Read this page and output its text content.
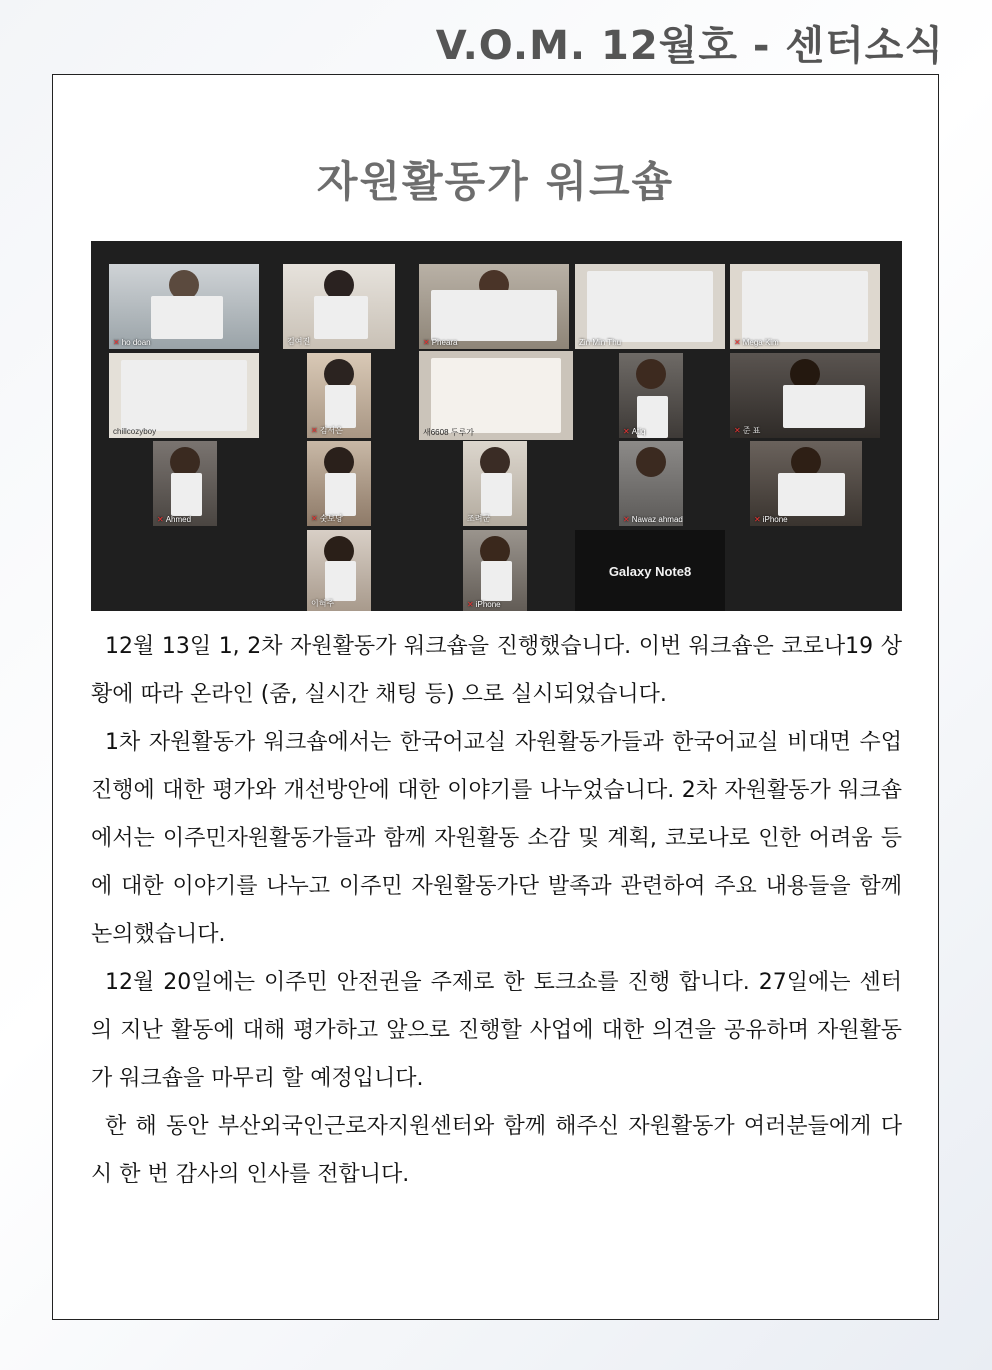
V.O.M. 12월호 - 센터소식
자원활동가 워크숍
✕ ho doan	김여진	✕ Pheara	Zin Min Thu	✕ Mega Kim
chillcozyboy	✕ 김서은	새6608 두루가	✕ Atiq	✕ 준 표
✕ Ahmed	✕ 숫보낭	조려군	✕ Nawaz ahmad	✕ iPhone
이혀주	✕ iPhone
Galaxy Note8

12월 13일 1, 2차 자원활동가 워크숍을 진행했습니다. 이번 워크숍은 코로나19 상황에 따라 온라인 (줌, 실시간 채팅 등) 으로 실시되었습니다.

1차 자원활동가 워크숍에서는 한국어교실 자원활동가들과 한국어교실 비대면 수업 진행에 대한 평가와 개선방안에 대한 이야기를 나누었습니다. 2차 자원활동가 워크숍에서는 이주민자원활동가들과 함께 자원활동 소감 및 계획, 코로나로 인한 어려움 등에 대한 이야기를 나누고 이주민 자원활동가단 발족과 관련하여 주요 내용들을 함께 논의했습니다.

12월 20일에는 이주민 안전권을 주제로 한 토크쇼를 진행 합니다. 27일에는 센터의 지난 활동에 대해 평가하고 앞으로 진행할 사업에 대한 의견을 공유하며 자원활동가 워크숍을 마무리 할 예정입니다.

한 해 동안 부산외국인근로자지원센터와 함께 해주신 자원활동가 여러분들에게 다시 한 번 감사의 인사를 전합니다.
